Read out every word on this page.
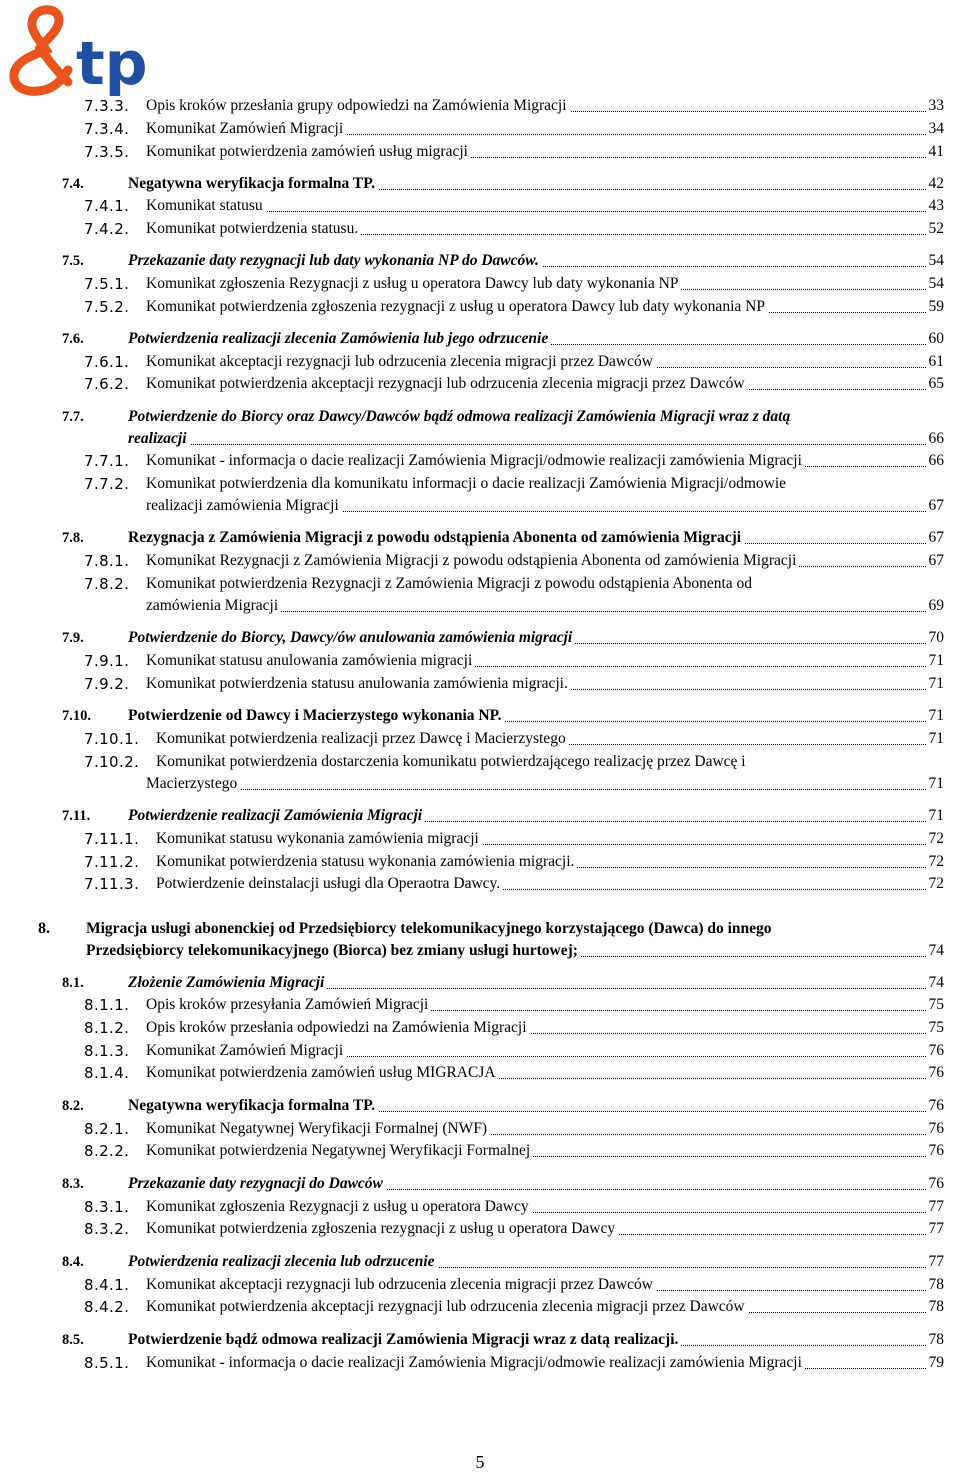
tp
7.3.3. Opis kroków przesłania grupy odpowiedzi na Zamówienia Migracji	33
7.3.4. Komunikat Zamówień Migracji	34
7.3.5. Komunikat potwierdzenia zamówień usług migracji	41
7.4.	Negatywna weryfikacja formalna TP.	42
7.4.1. Komunikat statusu	43
7.4.2. Komunikat potwierdzenia statusu.	52
7.5.	Przekazanie daty rezygnacji lub daty wykonania NP do Dawców.	54
7.5.1. Komunikat zgłoszenia Rezygnacji z usług u operatora Dawcy lub daty wykonania NP	54
7.5.2. Komunikat potwierdzenia zgłoszenia rezygnacji z usług u operatora Dawcy lub daty wykonania NP	59
7.6.	Potwierdzenia realizacji zlecenia Zamówienia lub jego odrzucenie	60
7.6.1. Komunikat akceptacji rezygnacji lub odrzucenia zlecenia migracji przez Dawców	61
7.6.2. Komunikat potwierdzenia akceptacji rezygnacji lub odrzucenia zlecenia migracji przez Dawców	65
7.7.	Potwierdzenie do Biorcy oraz Dawcy/Dawców bądź odmowa realizacji Zamówienia Migracji wraz z datą
realizacji	66
7.7.1. Komunikat - informacja o dacie realizacji Zamówienia Migracji/odmowie realizacji zamówienia Migracji	66
7.7.2. Komunikat potwierdzenia dla komunikatu informacji o dacie realizacji Zamówienia Migracji/odmowie
realizacji zamówienia Migracji	67
7.8.	Rezygnacja z Zamówienia Migracji z powodu odstąpienia Abonenta od zamówienia Migracji	67
7.8.1. Komunikat Rezygnacji z Zamówienia Migracji z powodu odstąpienia Abonenta od zamówienia Migracji	67
7.8.2. Komunikat potwierdzenia Rezygnacji z Zamówienia Migracji z powodu odstąpienia Abonenta od
zamówienia Migracji	69
7.9.	Potwierdzenie do Biorcy, Dawcy/ów anulowania zamówienia migracji	70
7.9.1. Komunikat statusu anulowania zamówienia migracji	71
7.9.2. Komunikat potwierdzenia statusu anulowania zamówienia migracji.	71
7.10. Potwierdzenie od Dawcy i Macierzystego wykonania NP.	71
7.10.1. Komunikat potwierdzenia realizacji przez Dawcę i Macierzystego	71
7.10.2. Komunikat potwierdzenia dostarczenia komunikatu potwierdzającego realizację przez Dawcę i
Macierzystego	71
7.11. Potwierdzenie realizacji Zamówienia Migracji	71
7.11.1. Komunikat statusu wykonania zamówienia migracji	72
7.11.2. Komunikat potwierdzenia statusu wykonania zamówienia migracji.	72
7.11.3. Potwierdzenie deinstalacji usługi dla Operaotra Dawcy.	72
8. Migracja usługi abonenckiej od Przedsiębiorcy telekomunikacyjnego korzystającego (Dawca) do innego
Przedsiębiorcy telekomunikacyjnego (Biorca) bez zmiany usługi hurtowej;	74
8.1.	Złożenie Zamówienia Migracji	74
8.1.1. Opis kroków przesyłania Zamówień Migracji	75
8.1.2. Opis kroków przesłania odpowiedzi na Zamówienia Migracji	75
8.1.3. Komunikat Zamówień Migracji	76
8.1.4. Komunikat potwierdzenia zamówień usług MIGRACJA	76
8.2.	Negatywna weryfikacja formalna TP.	76
8.2.1. Komunikat Negatywnej Weryfikacji Formalnej (NWF)	76
8.2.2. Komunikat potwierdzenia Negatywnej Weryfikacji Formalnej	76
8.3.	Przekazanie daty rezygnacji do Dawców	76
8.3.1. Komunikat zgłoszenia Rezygnacji z usług u operatora Dawcy	77
8.3.2. Komunikat potwierdzenia zgłoszenia rezygnacji z usług u operatora Dawcy	77
8.4.	Potwierdzenia realizacji zlecenia lub odrzucenie	77
8.4.1. Komunikat akceptacji rezygnacji lub odrzucenia zlecenia migracji przez Dawców	78
8.4.2. Komunikat potwierdzenia akceptacji rezygnacji lub odrzucenia zlecenia migracji przez Dawców	78
8.5.	Potwierdzenie bądź odmowa realizacji Zamówienia Migracji wraz z datą realizacji.	78
8.5.1. Komunikat - informacja o dacie realizacji Zamówienia Migracji/odmowie realizacji zamówienia Migracji	79
5
